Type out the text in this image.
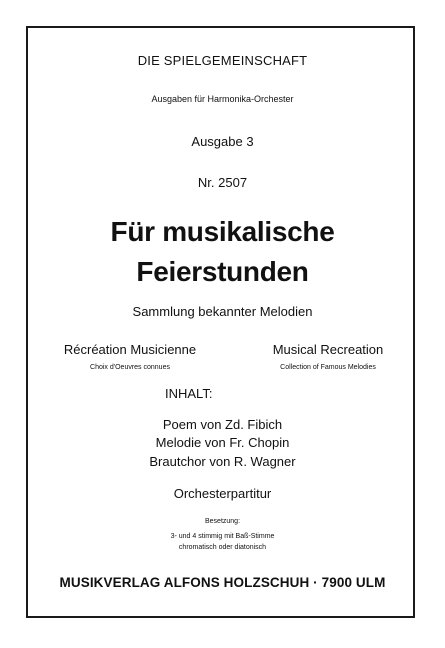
DIE SPIELGEMEINSCHAFT

Ausgaben für Harmonika-Orchester

Ausgabe 3

Nr. 2507

Für musikalische
Feierstunden

Sammlung bekannter Melodien

Récréation Musicienne

Choix d'Oeuvres connues

Musical Recreation

Collection of Famous Melodies

INHALT:

Poem von Zd. Fibich

Melodie von Fr. Chopin

Brautchor von R. Wagner

Orchesterpartitur

Besetzung:

3- und 4 stimmig mit Baß-Stimme

chromatisch oder diatonisch

MUSIKVERLAG ALFONS HOLZSCHUH · 7900 ULM
